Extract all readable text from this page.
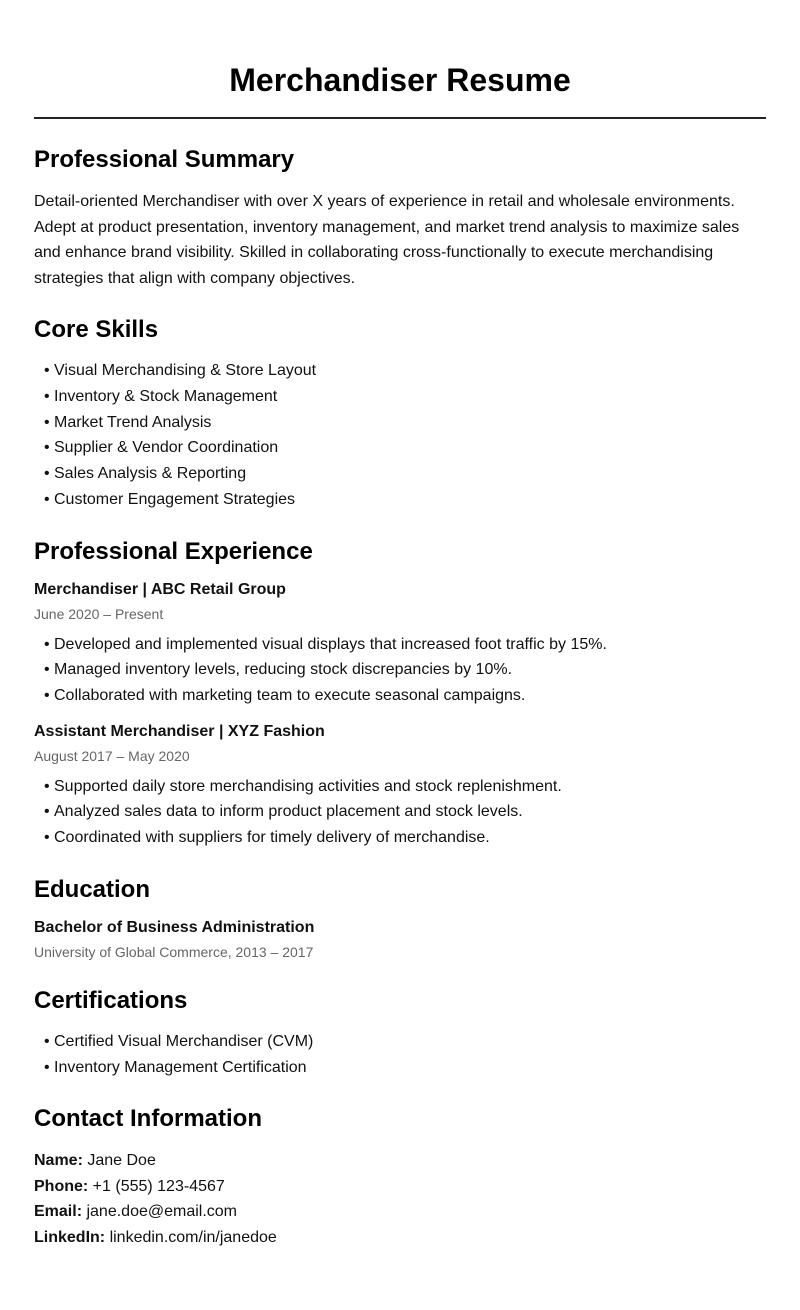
Merchandiser Resume
Professional Summary

Detail-oriented Merchandiser with over X years of experience in retail and wholesale environments. Adept at product presentation, inventory management, and market trend analysis to maximize sales and enhance brand visibility. Skilled in collaborating cross-functionally to execute merchandising strategies that align with company objectives.

Core Skills
• Visual Merchandising & Store Layout
• Inventory & Stock Management
• Market Trend Analysis
• Supplier & Vendor Coordination
• Sales Analysis & Reporting
• Customer Engagement Strategies
Professional Experience
Merchandiser | ABC Retail Group
June 2020 – Present
• Developed and implemented visual displays that increased foot traffic by 15%.
• Managed inventory levels, reducing stock discrepancies by 10%.
• Collaborated with marketing team to execute seasonal campaigns.
Assistant Merchandiser | XYZ Fashion
August 2017 – May 2020
• Supported daily store merchandising activities and stock replenishment.
• Analyzed sales data to inform product placement and stock levels.
• Coordinated with suppliers for timely delivery of merchandise.
Education
Bachelor of Business Administration
University of Global Commerce, 2013 – 2017
Certifications
• Certified Visual Merchandiser (CVM)
• Inventory Management Certification
Contact Information
Name: Jane Doe
Phone: +1 (555) 123-4567
Email: jane.doe@email.com
LinkedIn: linkedin.com/in/janedoe
